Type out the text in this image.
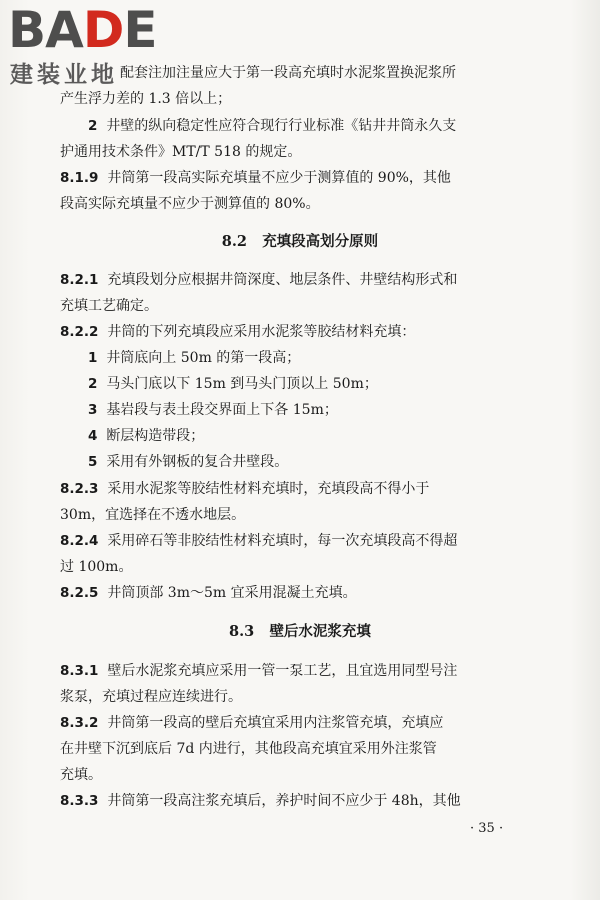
BADE
建装业地 配套注加注量应大于第一段高充填时水泥浆置换泥浆所
产生浮力差的 1.3 倍以上；
2 井壁的纵向稳定性应符合现行行业标准《钻井井筒永久支
护通用技术条件》MT/T 518 的规定。
8.1.9 井筒第一段高实际充填量不应少于测算值的 90%，其他
段高实际充填量不应少于测算值的 80%。
8.2 充填段高划分原则
8.2.1 充填段划分应根据井筒深度、地层条件、井壁结构形式和
充填工艺确定。
8.2.2 井筒的下列充填段应采用水泥浆等胶结材料充填：
1 井筒底向上 50m 的第一段高；
2 马头门底以下 15m 到马头门顶以上 50m；
3 基岩段与表土段交界面上下各 15m；
4 断层构造带段；
5 采用有外钢板的复合井壁段。
8.2.3 采用水泥浆等胶结性材料充填时，充填段高不得小于
30m，宜选择在不透水地层。
8.2.4 采用碎石等非胶结性材料充填时，每一次充填段高不得超
过 100m。
8.2.5 井筒顶部 3m～5m 宜采用混凝土充填。
8.3 壁后水泥浆充填
8.3.1 壁后水泥浆充填应采用一管一泵工艺，且宜选用同型号注
浆泵，充填过程应连续进行。
8.3.2 井筒第一段高的壁后充填宜采用内注浆管充填，充填应
在井壁下沉到底后 7d 内进行，其他段高充填宜采用外注浆管
充填。
8.3.3 井筒第一段高注浆充填后，养护时间不应少于 48h，其他
· 35 ·
